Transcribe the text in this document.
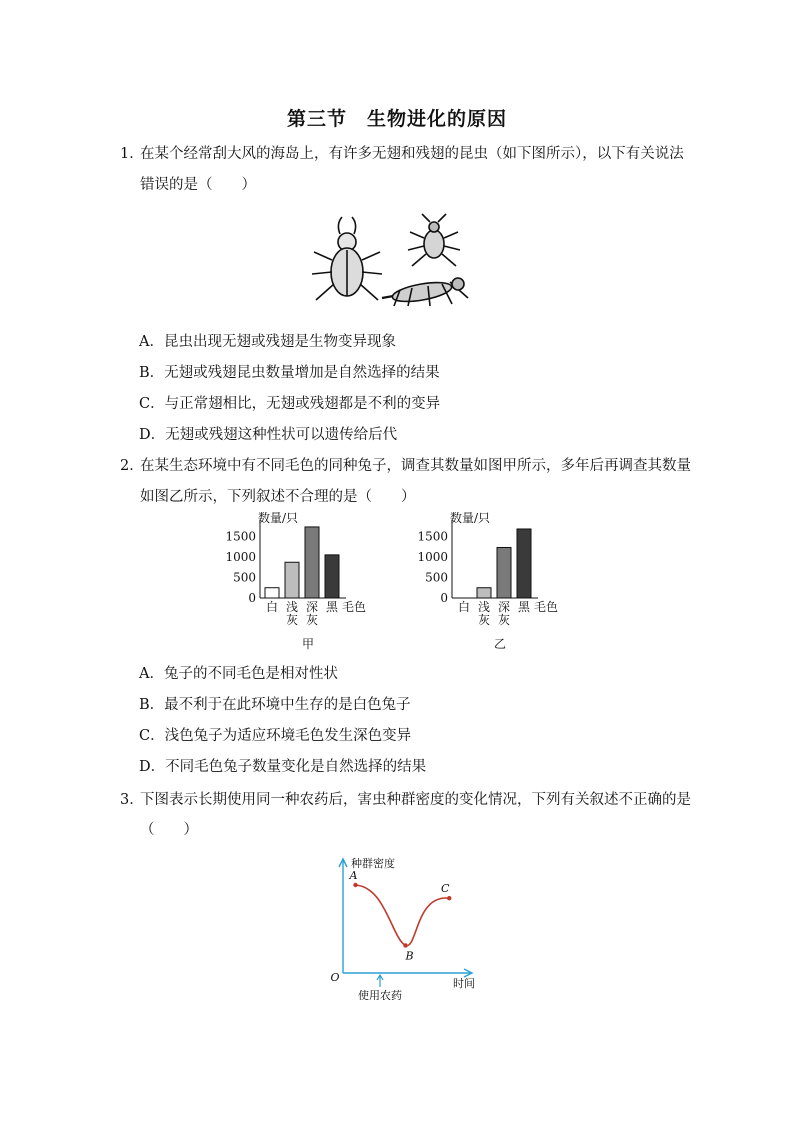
第三节　生物进化的原因
1．
在某个经常刮大风的海岛上，有许多无翅和残翅的昆虫（如下图所示），以下有关说法
错误的是（　　）
A．昆虫出现无翅或残翅是生物变异现象
B．无翅或残翅昆虫数量增加是自然选择的结果
C．与正常翅相比，无翅或残翅都是不利的变异
D．无翅或残翅这种性状可以遗传给后代
2．
在某生态环境中有不同毛色的同种兔子，调查其数量如图甲所示，多年后再调查其数量
如图乙所示，下列叙述不合理的是（　　）
数量/只
0
500
1000
1500
白 浅
灰
深
灰
黑 毛色
甲
数量/只
0
500
1000
1500
白 浅
灰
深
灰
黑 毛色
乙
A．兔子的不同毛色是相对性状
B．最不利于在此环境中生存的是白色兔子
C．浅色兔子为适应环境毛色发生深色变异
D．不同毛色兔子数量变化是自然选择的结果
3．
下图表示长期使用同一种农药后，害虫种群密度的变化情况，下列有关叙述不正确的是
（　　）
种群密度
时间
O
使用农药
A
B
C
